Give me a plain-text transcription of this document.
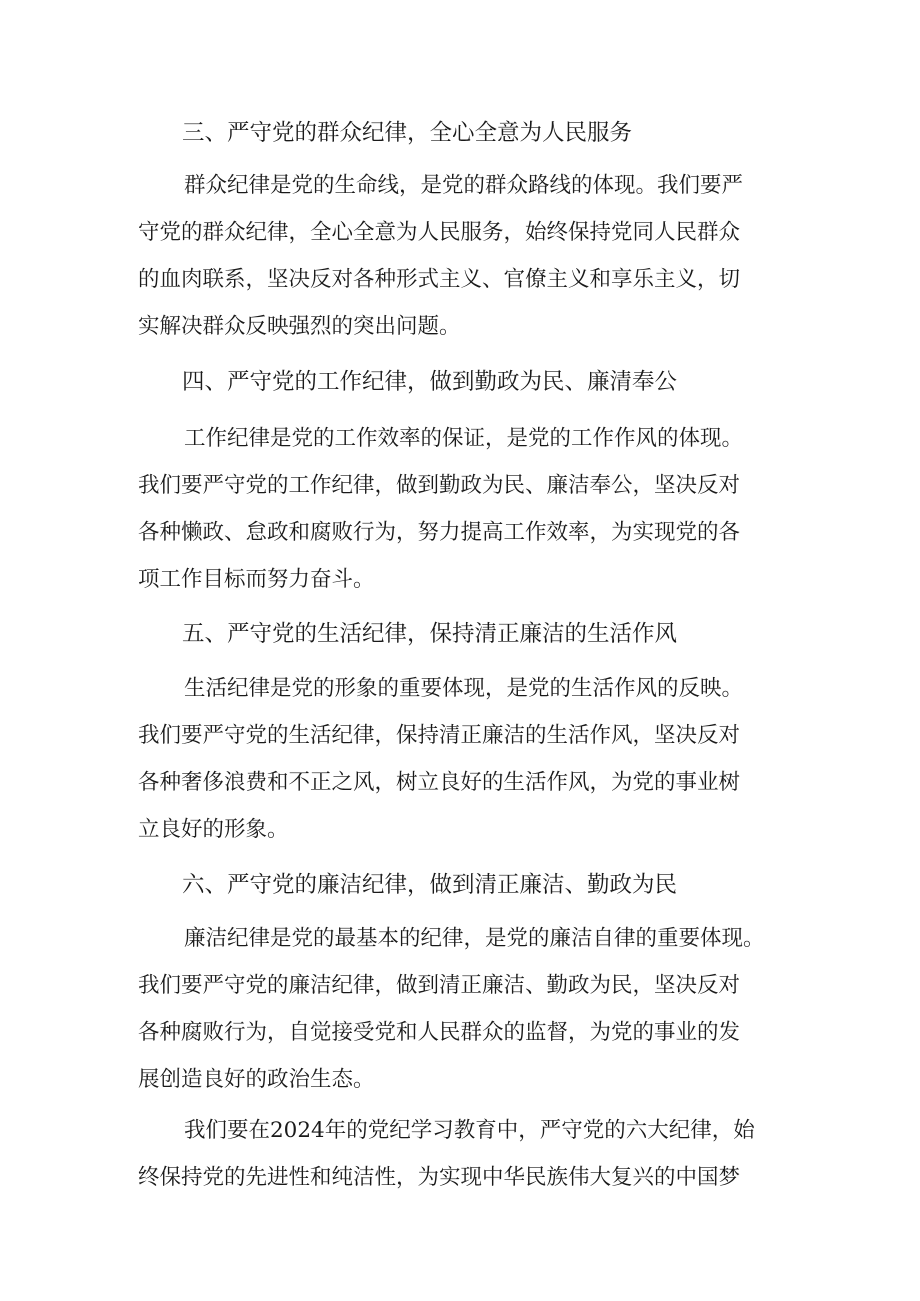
三、严守党的群众纪律，全心全意为人民服务
群众纪律是党的生命线，是党的群众路线的体现。我们要严
守党的群众纪律，全心全意为人民服务，始终保持党同人民群众
的血肉联系，坚决反对各种形式主义、官僚主义和享乐主义，切
实解决群众反映强烈的突出问题。
四、严守党的工作纪律，做到勤政为民、廉清奉公
工作纪律是党的工作效率的保证，是党的工作作风的体现。
我们要严守党的工作纪律，做到勤政为民、廉洁奉公，坚决反对
各种懒政、怠政和腐败行为，努力提高工作效率，为实现党的各
项工作目标而努力奋斗。
五、严守党的生活纪律，保持清正廉洁的生活作风
生活纪律是党的形象的重要体现，是党的生活作风的反映。
我们要严守党的生活纪律，保持清正廉洁的生活作风，坚决反对
各种奢侈浪费和不正之风，树立良好的生活作风，为党的事业树
立良好的形象。
六、严守党的廉洁纪律，做到清正廉洁、勤政为民
廉洁纪律是党的最基本的纪律，是党的廉洁自律的重要体现。
我们要严守党的廉洁纪律，做到清正廉洁、勤政为民，坚决反对
各种腐败行为，自觉接受党和人民群众的监督，为党的事业的发
展创造良好的政治生态。
我们要在2024年的党纪学习教育中，严守党的六大纪律，始
终保持党的先进性和纯洁性，为实现中华民族伟大复兴的中国梦
